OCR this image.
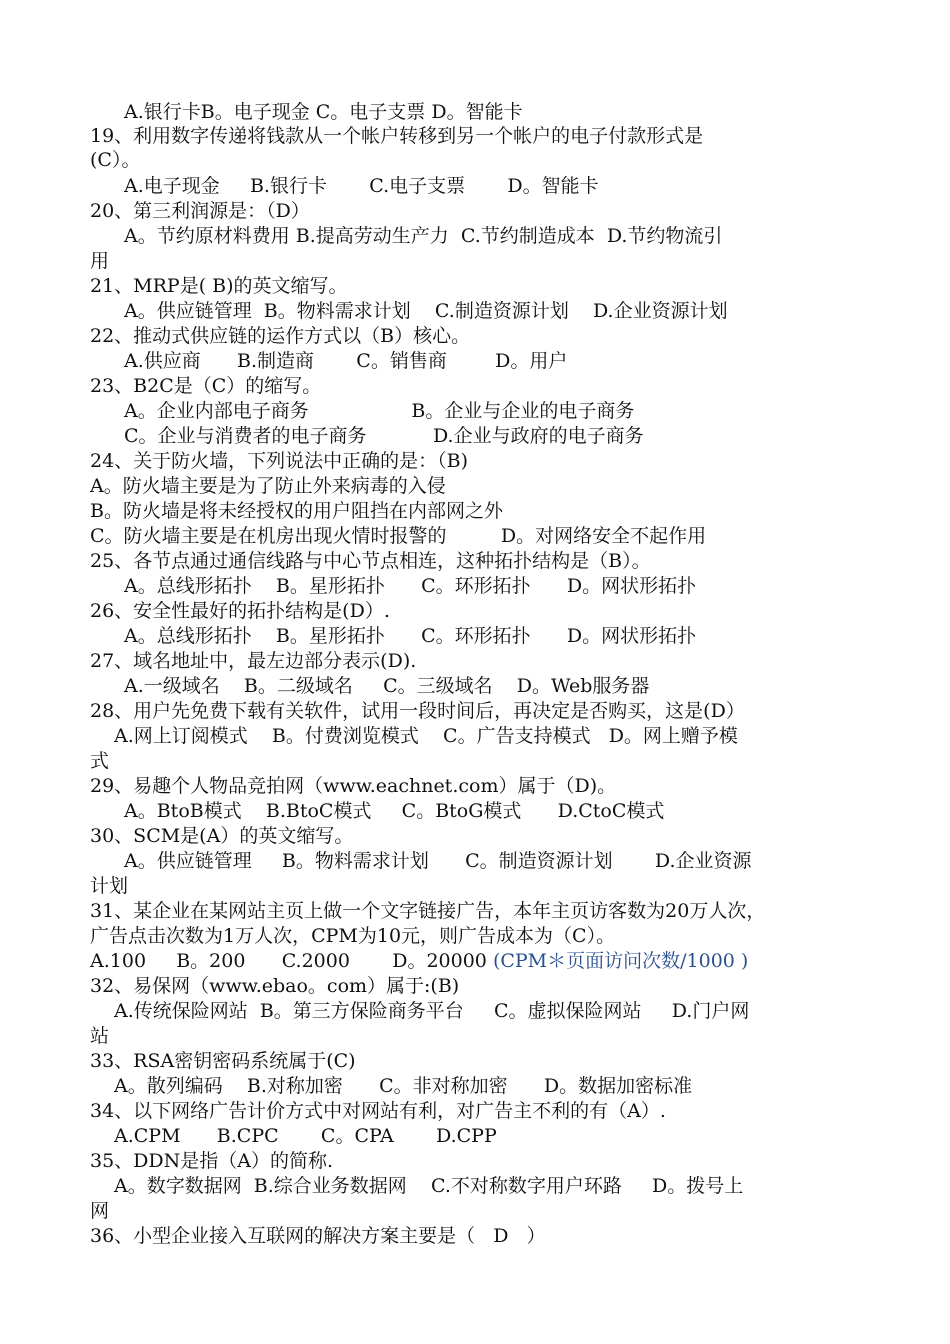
A.银行卡B。电子现金 C。电子支票 D。智能卡
19、利用数字传递将钱款从一个帐户转移到另一个帐户的电子付款形式是
(C）。
A.电子现金     B.银行卡       C.电子支票       D。智能卡
20、第三利润源是：（D）
A。节约原材料费用 B.提高劳动生产力  C.节约制造成本  D.节约物流引
用
21、MRP是( B)的英文缩写。
A。供应链管理  B。物料需求计划    C.制造资源计划    D.企业资源计划
22、推动式供应链的运作方式以（B）核心。
A.供应商      B.制造商       C。销售商        D。用户
23、B2C是（C）的缩写。
A。企业内部电子商务                 B。企业与企业的电子商务
C。企业与消费者的电子商务           D.企业与政府的电子商务
24、关于防火墙，下列说法中正确的是：（B)
A。防火墙主要是为了防止外来病毒的入侵
B。防火墙是将未经授权的用户阻挡在内部网之外
C。防火墙主要是在机房出现火情时报警的         D。对网络安全不起作用
25、各节点通过通信线路与中心节点相连，这种拓扑结构是（B）。
A。总线形拓扑    B。星形拓扑      C。环形拓扑      D。网状形拓扑
26、安全性最好的拓扑结构是(D）.
A。总线形拓扑    B。星形拓扑      C。环形拓扑      D。网状形拓扑
27、域名地址中，最左边部分表示(D).
A.一级域名    B。二级域名     C。三级域名    D。Web服务器
28、用户先免费下载有关软件，试用一段时间后，再决定是否购买，这是(D）
A.网上订阅模式    B。付费浏览模式    C。广告支持模式   D。网上赠予模
式
29、易趣个人物品竞拍网（www.eachnet.com）属于（D)。
A。BtoB模式    B.BtoC模式     C。BtoG模式      D.CtoC模式
30、SCM是(A）的英文缩写。
A。供应链管理     B。物料需求计划      C。制造资源计划       D.企业资源
计划
31、某企业在某网站主页上做一个文字链接广告，本年主页访客数为20万人次，
广告点击次数为1万人次，CPM为10元，则广告成本为（C）。
A.100     B。200      C.2000       D。20000 (CPM＊页面访问次数/1000 )
32、易保网（www.ebao。com）属于:(B)
A.传统保险网站  B。第三方保险商务平台     C。虚拟保险网站     D.门户网
站
33、RSA密钥密码系统属于(C)
A。散列编码    B.对称加密      C。非对称加密      D。数据加密标准
34、以下网络广告计价方式中对网站有利，对广告主不利的有（A）.
A.CPM      B.CPC       C。CPA       D.CPP
35、DDN是指（A）的简称.
A。数字数据网  B.综合业务数据网    C.不对称数字用户环路     D。拨号上
网
36、小型企业接入互联网的解决方案主要是（   D   ）
